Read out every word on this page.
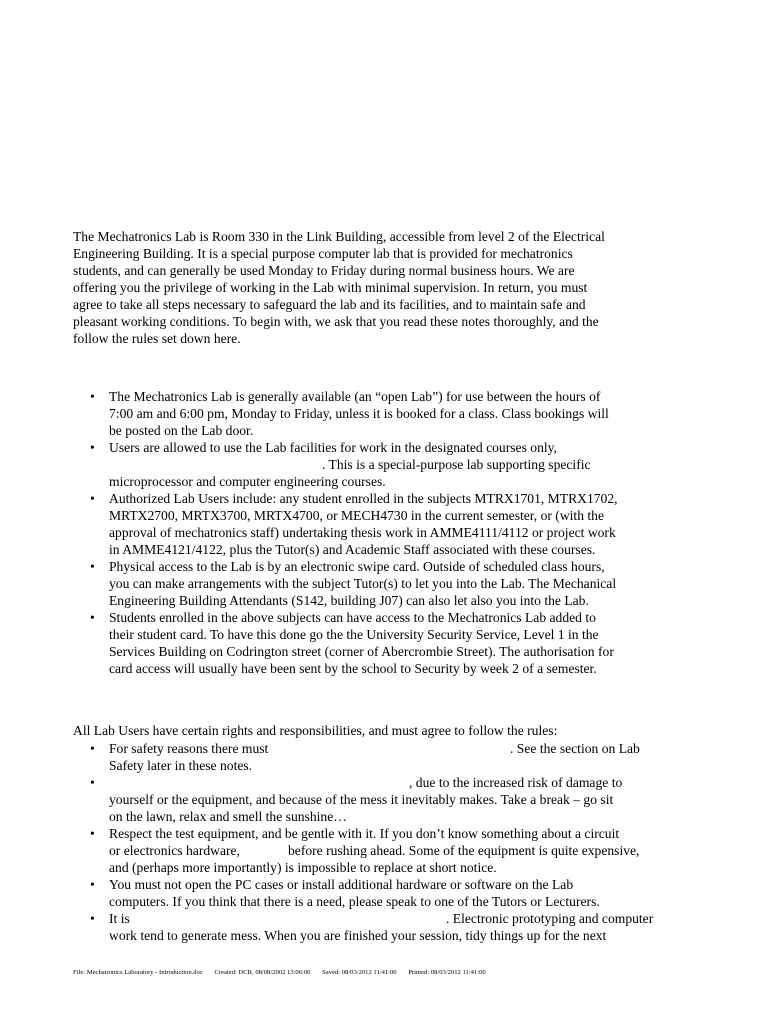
The Mechatronics Lab is Room 330 in the Link Building, accessible from level 2 of the Electrical
Engineering Building. It is a special purpose computer lab that is provided for mechatronics
students, and can generally be used Monday to Friday during normal business hours. We are
offering you the privilege of working in the Lab with minimal supervision. In return, you must
agree to take all steps necessary to safeguard the lab and its facilities, and to maintain safe and
pleasant working conditions. To begin with, we ask that you read these notes thoroughly, and the
follow the rules set down here.
• The Mechatronics Lab is generally available (an “open Lab”) for use between the hours of
7:00 am and 6:00 pm, Monday to Friday, unless it is booked for a class. Class bookings will
be posted on the Lab door.
• Users are allowed to use the Lab facilities for work in the designated courses only,
. This is a special-purpose lab supporting specific
microprocessor and computer engineering courses.
• Authorized Lab Users include: any student enrolled in the subjects MTRX1701, MTRX1702,
MRTX2700, MRTX3700, MRTX4700, or MECH4730 in the current semester, or (with the
approval of mechatronics staff) undertaking thesis work in AMME4111/4112 or project work
in AMME4121/4122, plus the Tutor(s) and Academic Staff associated with these courses.
• Physical access to the Lab is by an electronic swipe card. Outside of scheduled class hours,
you can make arrangements with the subject Tutor(s) to let you into the Lab. The Mechanical
Engineering Building Attendants (S142, building J07) can also let also you into the Lab.
• Students enrolled in the above subjects can have access to the Mechatronics Lab added to
their student card. To have this done go the the University Security Service, Level 1 in the
Services Building on Codrington street (corner of Abercrombie Street). The authorisation for
card access will usually have been sent by the school to Security by week 2 of a semester.
All Lab Users have certain rights and responsibilities, and must agree to follow the rules:
• For safety reasons there must	. See the section on Lab
Safety later in these notes.
•	, due to the increased risk of damage to
yourself or the equipment, and because of the mess it inevitably makes. Take a break – go sit
on the lawn, relax and smell the sunshine…
• Respect the test equipment, and be gentle with it. If you don’t know something about a circuit
or electronics hardware,	before rushing ahead. Some of the equipment is quite expensive,
and (perhaps more importantly) is impossible to replace at short notice.
• You must not open the PC cases or install additional hardware or software on the Lab
computers. If you think that there is a need, please speak to one of the Tutors or Lecturers.
• It is	. Electronic prototyping and computer
work tend to generate mess. When you are finished your session, tidy things up for the next
File: Mechatronics Laboratory - Introduction.doc Created: DCR, 08/08/2002 13:06:00 Saved: 08/03/2012 11:41:00 Printed: 08/03/2012 11:41:00
